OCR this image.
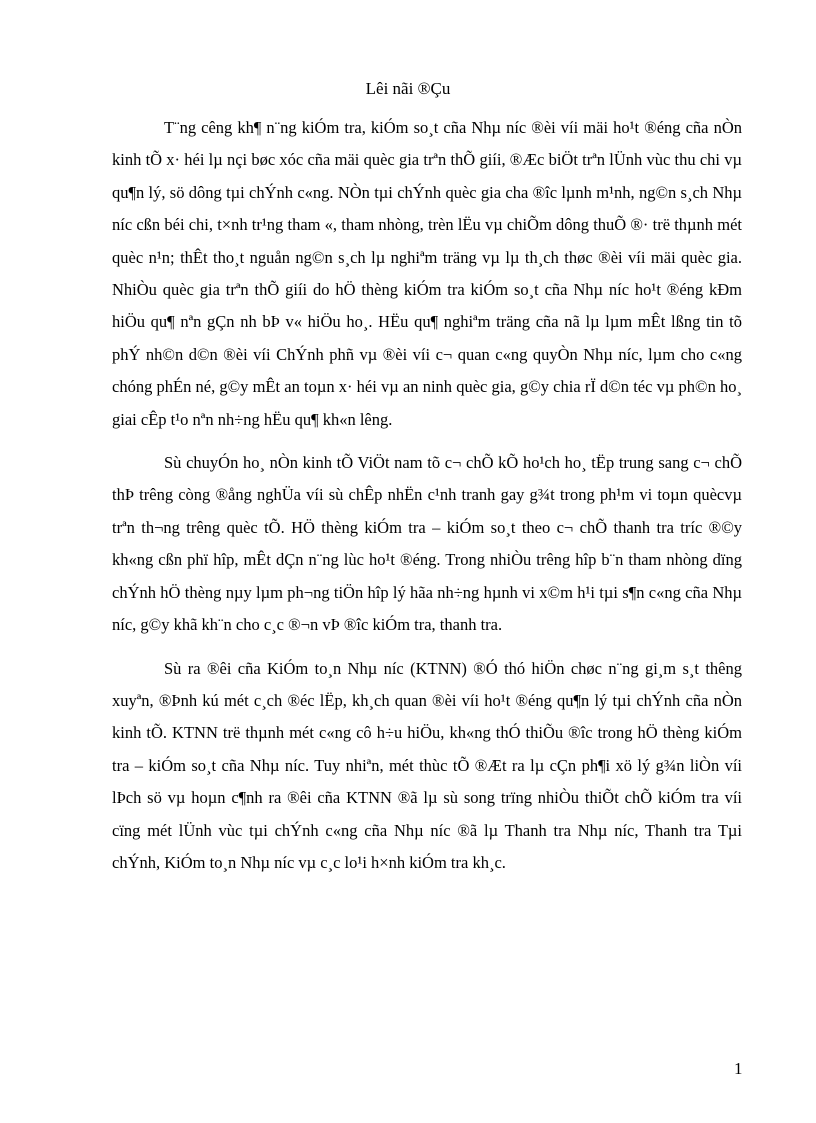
Lêi nãi ®Çu

T¨ng cêng kh¶ n¨ng kiÓm tra, kiÓm so¸t cña Nhµ níc ®èi víi mäi ho¹t ®éng cña nÒn kinh tÕ x· héi lµ nçi bøc xóc cña mäi quèc gia trªn thÕ giíi, ®Æc biÖt trªn lÜnh vùc thu chi vµ qu¶n lý, sö dông tµi chÝnh c«ng. NÒn tµi chÝnh quèc gia cha ®îc lµnh m¹nh, ng©n s¸ch Nhµ níc cßn béi chi, t×nh tr¹ng tham «, tham nhòng, trèn lËu vµ chiÕm dông thuÕ ®· trë thµnh mét quèc n¹n; thÊt tho¸t nguån ng©n s¸ch lµ nghiªm träng vµ lµ th¸ch thøc ®èi víi mäi quèc gia. NhiÒu quèc gia trªn thÕ giíi do hÖ thèng kiÓm tra kiÓm so¸t cña Nhµ níc ho¹t ®éng kÐm hiÖu qu¶ nªn gÇn nh bÞ v« hiÖu ho¸. HËu qu¶ nghiªm träng cña nã lµ lµm mÊt lßng tin tõ phÝ nh©n d©n ®èi víi ChÝnh phñ vµ ®èi víi c¬ quan c«ng quyÒn Nhµ níc, lµm cho c«ng chóng phÉn né, g©y mÊt an toµn x· héi vµ an ninh quèc gia, g©y chia rÏ d©n téc vµ ph©n ho¸ giai cÊp t¹o nªn nh÷ng hËu qu¶ kh«n lêng.

Sù chuyÓn ho¸ nÒn kinh tÕ ViÖt nam tõ c¬ chÕ kÕ ho¹ch ho¸ tËp trung sang c¬ chÕ thÞ trêng còng ®ång nghÜa víi sù chÊp nhËn c¹nh tranh gay g¾t trong ph¹m vi toµn quècvµ trªn th¬ng trêng quèc tÕ. HÖ thèng kiÓm tra – kiÓm so¸t theo c¬ chÕ thanh tra tríc ®©y kh«ng cßn phï hîp, mÊt dÇn n¨ng lùc ho¹t ®éng. Trong nhiÒu trêng hîp b¨n tham nhòng dïng chÝnh hÖ thèng nµy lµm ph¬ng tiÖn hîp lý hãa nh÷ng hµnh vi x©m h¹i tµi s¶n c«ng cña Nhµ níc, g©y khã kh¨n cho c¸c ®¬n vÞ ®îc kiÓm tra, thanh tra.

Sù ra ®êi cña KiÓm to¸n Nhµ níc (KTNN) ®Ó thó hiÖn chøc n¨ng gi¸m s¸t thêng xuyªn, ®Þnh kú mét c¸ch ®éc lËp, kh¸ch quan ®èi víi ho¹t ®éng qu¶n lý tµi chÝnh cña nÒn kinh tÕ. KTNN trë thµnh mét c«ng cô h÷u hiÖu, kh«ng thÓ thiÕu ®îc trong hÖ thèng kiÓm tra – kiÓm so¸t cña Nhµ níc. Tuy nhiªn, mét thùc tÕ ®Æt ra lµ cÇn ph¶i xö lý g¾n liÒn víi lÞch sö vµ hoµn c¶nh ra ®êi cña KTNN ®ã lµ sù song trïng nhiÒu thiÕt chÕ kiÓm tra víi cïng mét lÜnh vùc tµi chÝnh c«ng cña Nhµ níc ®ã lµ Thanh tra Nhµ níc, Thanh tra Tµi chÝnh, KiÓm to¸n Nhµ níc vµ c¸c lo¹i h×nh kiÓm tra kh¸c.

1
